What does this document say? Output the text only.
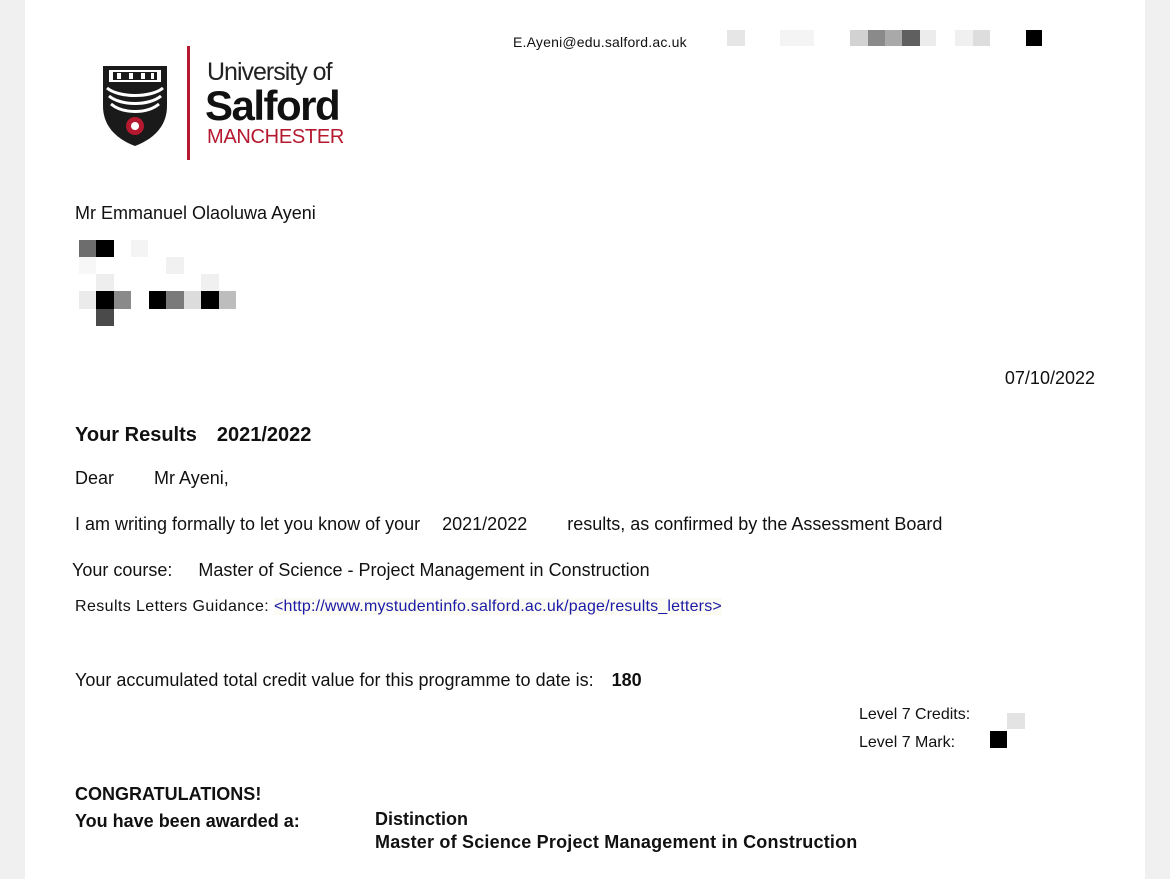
E.Ayeni@edu.salford.ac.uk
University of
Salford
MANCHESTER
Mr Emmanuel Olaoluwa Ayeni
07/10/2022
Your Results 2021/2022
Dear Mr Ayeni,
I am writing formally to let you know of your 2021/2022 results, as confirmed by the Assessment Board
Your course: Master of Science - Project Management in Construction
Results Letters Guidance: <http://www.mystudentinfo.salford.ac.uk/page/results_letters>
Your accumulated total credit value for this programme to date is: 180
Level 7 Credits:
Level 7 Mark:
CONGRATULATIONS!
You have been awarded a:	Distinction
Master of Science Project Management in Construction
